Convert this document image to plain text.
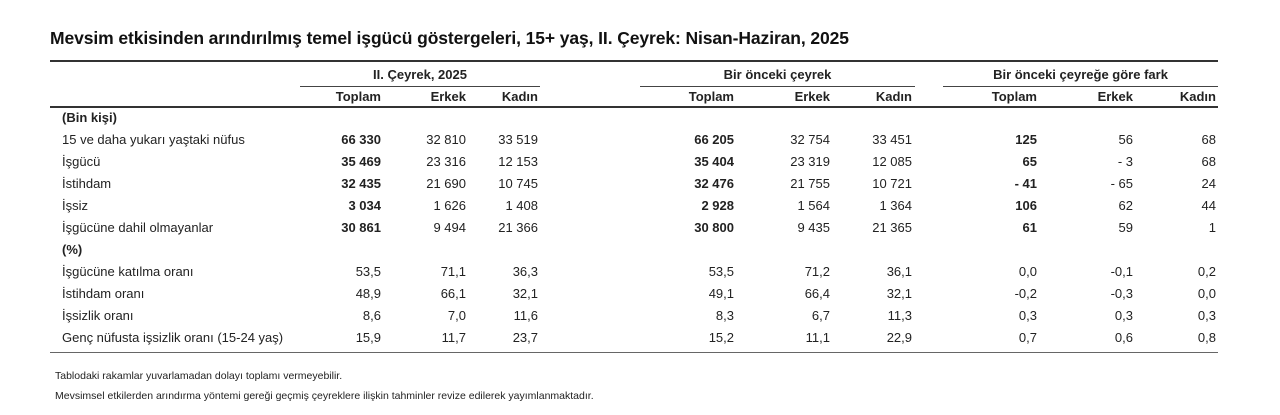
Mevsim etkisinden arındırılmış temel işgücü göstergeleri, 15+ yaş, II. Çeyrek: Nisan-Haziran, 2025
II. Çeyrek, 2025	Bir önceki çeyrek	Bir önceki çeyreğe göre fark
Toplam	Erkek	Kadın	Toplam	Erkek	Kadın	Toplam	Erkek	Kadın
(Bin kişi)
15 ve daha yukarı yaştaki nüfus	66 330	32 810	33 519	66 205	32 754	33 451	125	56	68
İşgücü	35 469	23 316	12 153	35 404	23 319	12 085	65	- 3	68
İstihdam	32 435	21 690	10 745	32 476	21 755	10 721	- 41	- 65	24
İşsiz	3 034	1 626	1 408	2 928	1 564	1 364	106	62	44
İşgücüne dahil olmayanlar	30 861	9 494	21 366	30 800	9 435	21 365	61	59	1
(%)
İşgücüne katılma oranı	53,5	71,1	36,3	53,5	71,2	36,1	0,0	-0,1	0,2
İstihdam oranı	48,9	66,1	32,1	49,1	66,4	32,1	-0,2	-0,3	0,0
İşsizlik oranı	8,6	7,0	11,6	8,3	6,7	11,3	0,3	0,3	0,3
Genç nüfusta işsizlik oranı (15-24 yaş)	15,9	11,7	23,7	15,2	11,1	22,9	0,7	0,6	0,8
Tablodaki rakamlar yuvarlamadan dolayı toplamı vermeyebilir.
Mevsimsel etkilerden arındırma yöntemi gereği geçmiş çeyreklere ilişkin tahminler revize edilerek yayımlanmaktadır.
